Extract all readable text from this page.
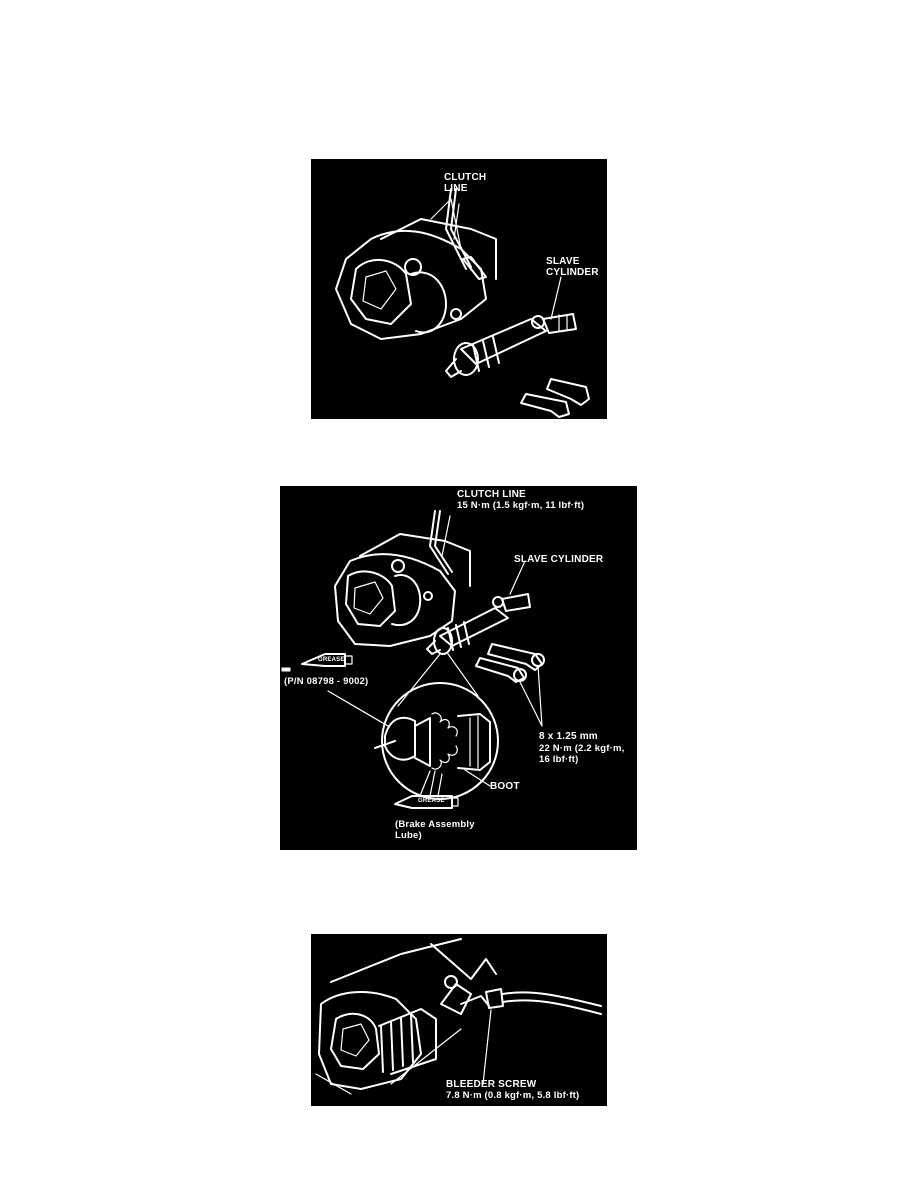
CLUTCH
LINE
SLAVE
CYLINDER
CLUTCH LINE
15 N·m (1.5 kgf·m, 11 lbf·ft)
SLAVE CYLINDER
GREASE
(P/N 08798 - 9002)
8 x 1.25 mm
22 N·m (2.2 kgf·m,
16 lbf·ft)
BOOT
GREASE
(Brake Assembly
Lube)
BLEEDER SCREW
7.8 N·m (0.8 kgf·m, 5.8 lbf·ft)
